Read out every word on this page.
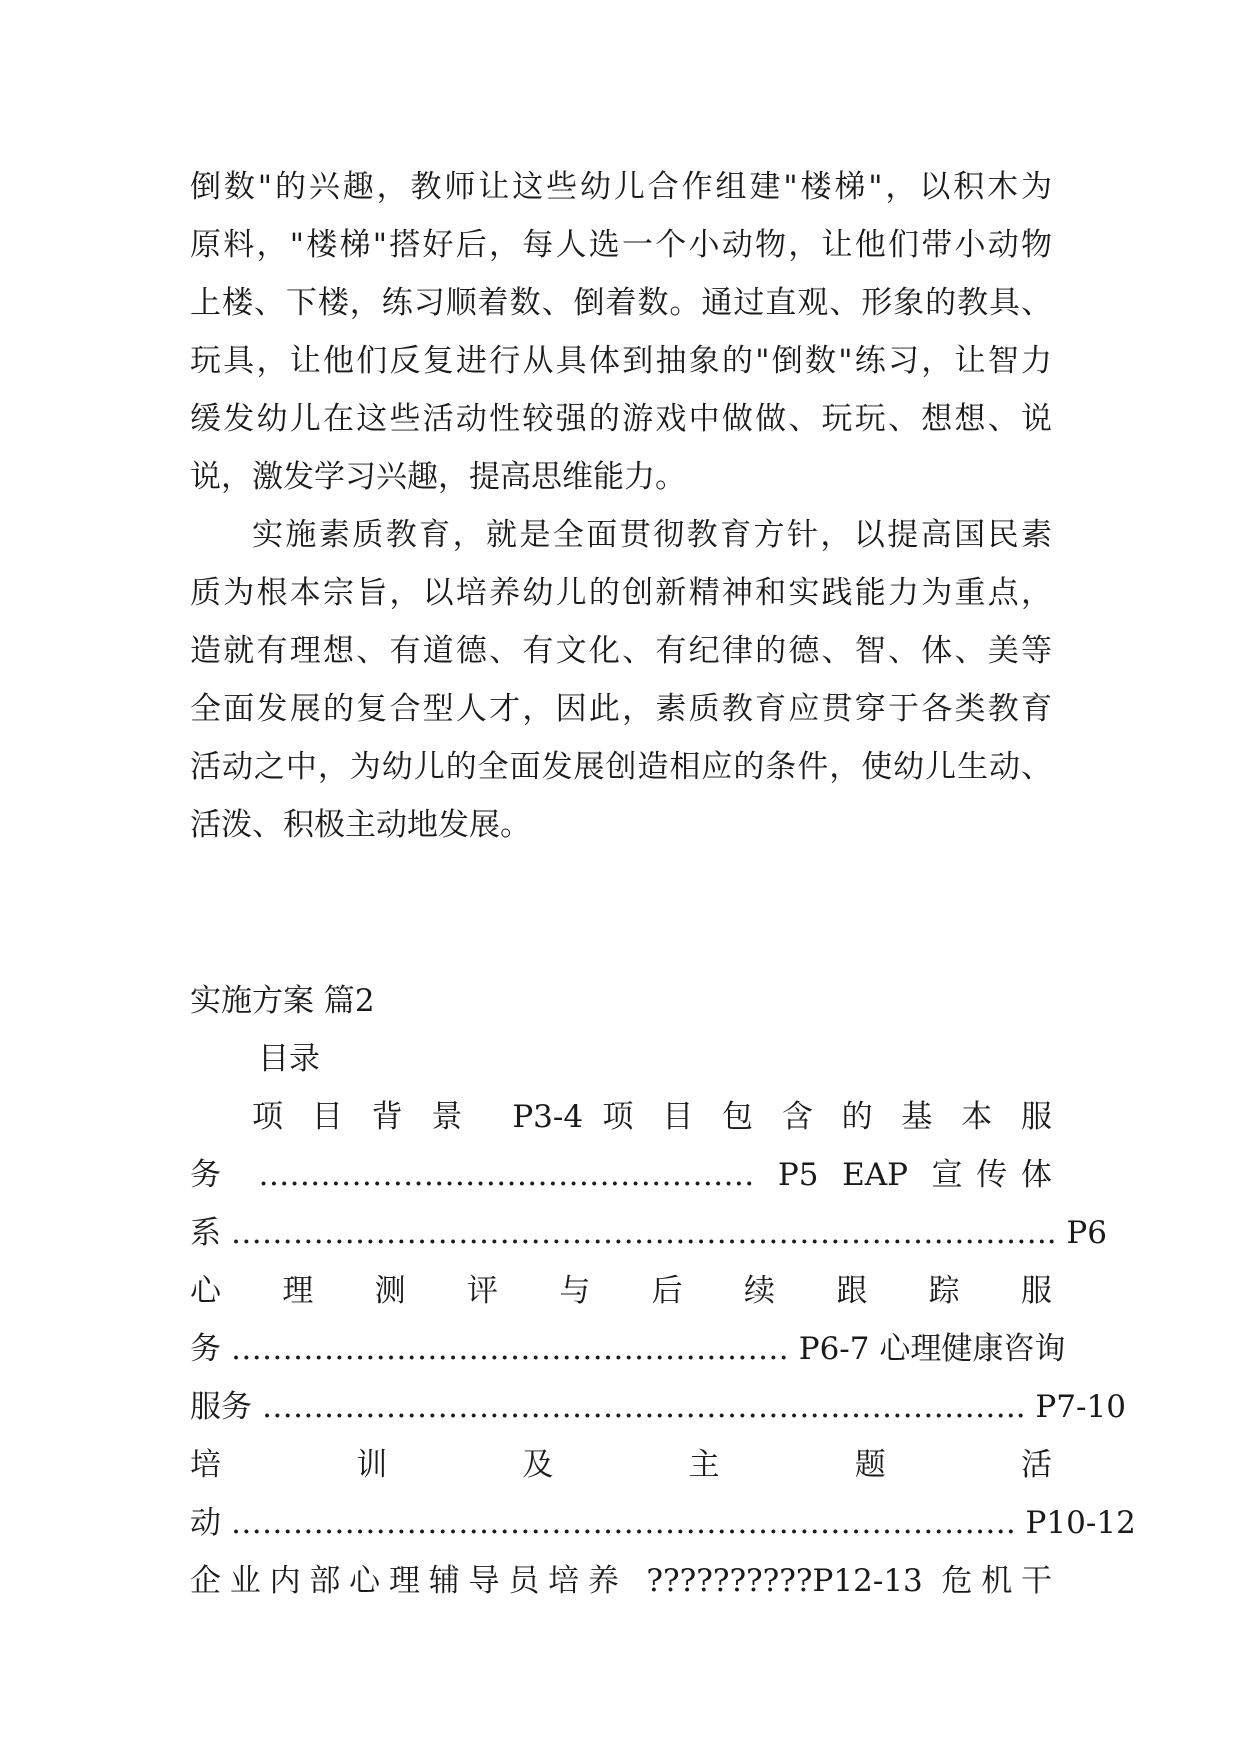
倒数"的兴趣，教师让这些幼儿合作组建"楼梯"，以积木为
原料，"楼梯"搭好后，每人选一个小动物，让他们带小动物
上楼、下楼，练习顺着数、倒着数。通过直观、形象的教具、
玩具，让他们反复进行从具体到抽象的"倒数"练习，让智力
缓发幼儿在这些活动性较强的游戏中做做、玩玩、想想、说
说，激发学习兴趣，提高思维能力。
实施素质教育，就是全面贯彻教育方针，以提高国民素
质为根本宗旨，以培养幼儿的创新精神和实践能力为重点，
造就有理想、有道德、有文化、有纪律的德、智、体、美等
全面发展的复合型人才，因此，素质教育应贯穿于各类教育
活动之中，为幼儿的全面发展创造相应的条件，使幼儿生动、
活泼、积极主动地发展。
实施方案 篇2
目录
项 目 背 景　P3-4 项 目 包 含 的 基 本 服
务 ………………………………………… P5 EAP 宣传体
系 …………………………………………………………………….. P6
心 理 测 评 与 后 续 跟 踪 服
务 ……………………………………………… P6-7 心理健康咨询
服务 ……………………………………………………………….. P7-10
培 训 及 主 题 活
动 …………………………………………………………………. P10-12
企业内部心理辅导员培养 ??????????P12-13 危机干
